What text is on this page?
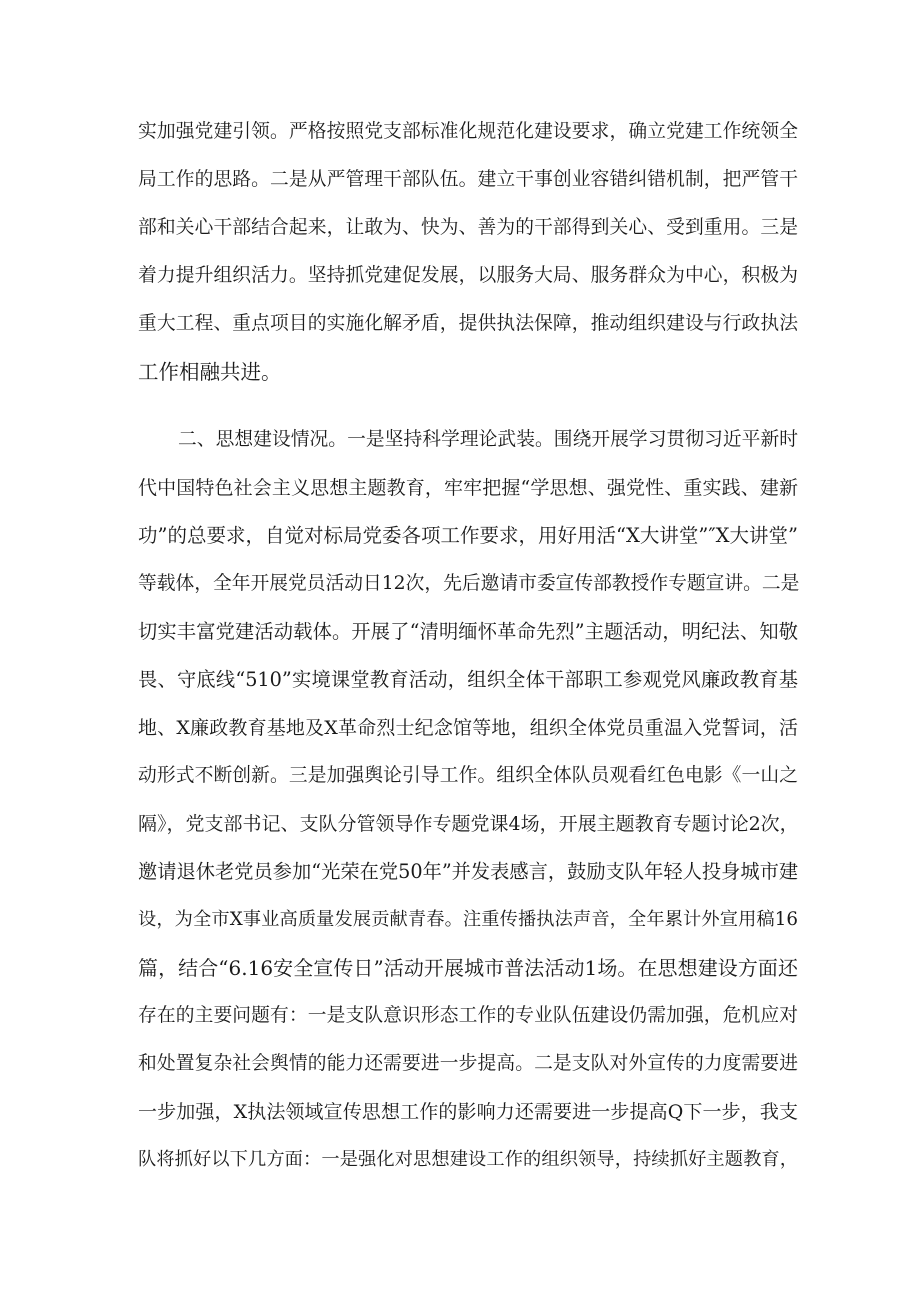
实加强党建引领。严格按照党支部标准化规范化建设要求，确立党建工作统领全
局工作的思路。二是从严管理干部队伍。建立干事创业容错纠错机制，把严管干
部和关心干部结合起来，让敢为、快为、善为的干部得到关心、受到重用。三是
着力提升组织活力。坚持抓党建促发展，以服务大局、服务群众为中心，积极为
重大工程、重点项目的实施化解矛盾，提供执法保障，推动组织建设与行政执法
工作相融共进。
二、思想建设情况。一是坚持科学理论武装。围绕开展学习贯彻习近平新时
代中国特色社会主义思想主题教育，牢牢把握“学思想、强党性、重实践、建新
功”的总要求，自觉对标局党委各项工作要求，用好用活“X大讲堂”″X大讲堂”
等载体，全年开展党员活动日12次，先后邀请市委宣传部教授作专题宣讲。二是
切实丰富党建活动载体。开展了“清明缅怀革命先烈”主题活动，明纪法、知敬
畏、守底线“510”实境课堂教育活动，组织全体干部职工参观党风廉政教育基
地、X廉政教育基地及X革命烈士纪念馆等地，组织全体党员重温入党誓词，活
动形式不断创新。三是加强舆论引导工作。组织全体队员观看红色电影《一山之
隔》，党支部书记、支队分管领导作专题党课4场，开展主题教育专题讨论2次，
邀请退休老党员参加“光荣在党50年”并发表感言，鼓励支队年轻人投身城市建
设，为全市X事业高质量发展贡献青春。注重传播执法声音，全年累计外宣用稿16
篇，结合“6.16安全宣传日”活动开展城市普法活动1场。在思想建设方面还
存在的主要问题有：一是支队意识形态工作的专业队伍建设仍需加强，危机应对
和处置复杂社会舆情的能力还需要进一步提高。二是支队对外宣传的力度需要进
一步加强，X执法领域宣传思想工作的影响力还需要进一步提高Q下一步，我支
队将抓好以下几方面：一是强化对思想建设工作的组织领导，持续抓好主题教育，
